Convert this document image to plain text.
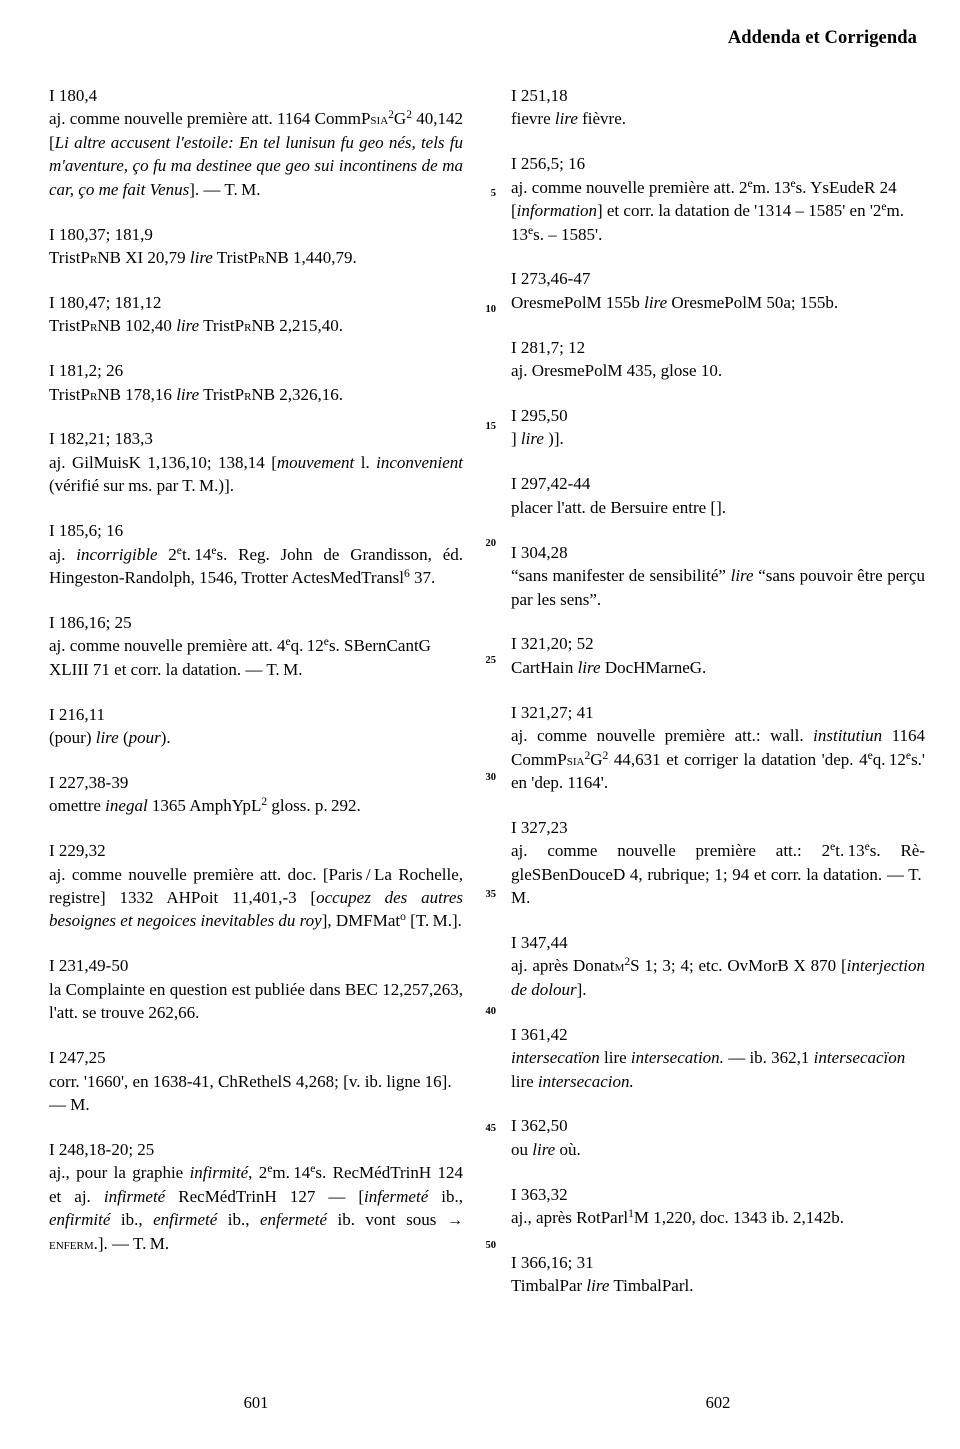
Addenda et Corrigenda
I 180,4
aj. comme nouvelle première att. 1164 $CommPsia^2G^2$ 40,142 [Li altre accusent l'estoile: En tel lunisun fu geo nés, tels fu m'aventure, ço fu ma destinee que geo sui incontinens de ma car, ço me fait Venus]. — T. M.
I 180,37; 181,9
TristPrNB XI 20,79 lire TristPrNB 1,440,79.
I 180,47; 181,12
TristPrNB 102,40 lire TristPrNB 2,215,40.
I 181,2; 26
TristPrNB 178,16 lire TristPrNB 2,326,16.
I 182,21; 183,3
aj. GilMuisK 1,136,10; 138,14 [mouvement l. inconvenient (vérifié sur ms. par T. M.)].
I 185,6; 16
aj. incorrigible 2et. 14es. Reg. John de Grandisson, éd. Hingeston-Randolph, 1546, Trotter ActesMedTransl$^6$ 37.
I 186,16; 25
aj. comme nouvelle première att. 4eq. 12es. SBernCantG XLIII 71 et corr. la datation. — T. M.
I 216,11
(pour) lire (pour).
I 227,38-39
omettre inegal 1365 AmphYpL$^2$ gloss. p. 292.
I 229,32
aj. comme nouvelle première att. doc. [Paris / La Rochelle, registre] 1332 AHPoit 11,401,-3 [occupez des autres besoignes et negoices inevitables du roy], DMFMat$^o$ [T. M.].
I 231,49-50
la Complainte en question est publiée dans BEC 12,257,263, l'att. se trouve 262,66.
I 247,25
corr. '1660', en 1638-41, ChRethelS 4,268; [v. ib. ligne 16]. — M.
I 248,18-20; 25
aj., pour la graphie infirmité, 2em. 14es. RecMédTrinH 124 et aj. infirmeté RecMédTrinH 127 — [infermeté ib., enfirmité ib., enfirmeté ib., enfermeté ib. vont sous → enferm.]. — T. M.
I 251,18
fievre lire fièvre.
I 256,5; 16
aj. comme nouvelle première att. 2em. 13es. YsEudeR 24 [information] et corr. la datation de '1314 – 1585' en '2em. 13es. – 1585'.
I 273,46-47
OresmePolM 155b lire OresmePolM 50a; 155b.
I 281,7; 12
aj. OresmePolM 435, glose 10.
I 295,50
] lire )].
I 297,42-44
placer l'att. de Bersuire entre [].
I 304,28
“sans manifester de sensibilité” lire “sans pouvoir être perçu par les sens”.
I 321,20; 52
CartHain lire DocHMarneG.
I 321,27; 41
aj. comme nouvelle première att.: wall. institutiun 1164 $CommPsia^2G^2$ 44,631 et corriger la datation 'dep. 4eq. 12es.' en 'dep. 1164'.
I 327,23
aj. comme nouvelle première att.: 2et. 13es. RègleSBenDouceD 4, rubrique; 1; 94 et corr. la datation. — T. M.
I 347,44
aj. après Donatm$^2$S 1; 3; 4; etc. OvMorB X 870 [interjection de dolour].
I 361,42
intersecatïon lire intersecation. — ib. 362,1 intersecacïon lire intersecacion.
I 362,50
ou lire où.
I 363,32
aj., après RotParl$^1$M 1,220, doc. 1343 ib. 2,142b.
I 366,16; 31
TimbalPar lire TimbalParl.
5
10
15
20
25
30
35
40
45
50
601	602
